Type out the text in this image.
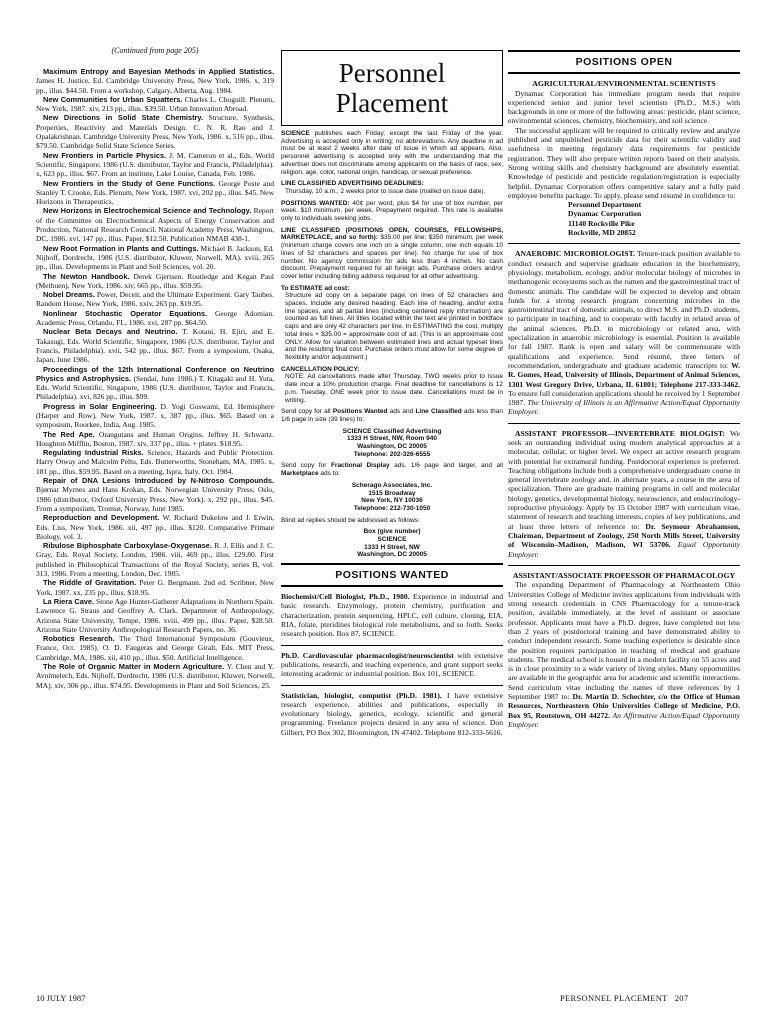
(Continued from page 205)

Maximum Entropy and Bayesian Methods in Applied Statistics. James H. Justice, Ed. Cambridge University Press, New York, 1986. x, 319 pp., illus. $44.50. From a workshop, Calgary, Alberta, Aug. 1984.

New Communities for Urban Squatters. Charles L. Choguill. Plenum, New York, 1987. xiv, 213 pp., illus. $39.50. Urban Innovation Abroad.

New Directions in Solid State Chemistry. Structure, Synthesis, Properties, Reactivity and Materials Design. C. N. R. Rao and J. Opalakrishnan. Cambridge University Press, New York, 1986. x, 516 pp., illus. $79.50. Cambridge Solid State Science Series.

New Frontiers in Particle Physics. J. M. Cameron et al., Eds. World Scientific, Singapore, 1986 (U.S. distributor, Taylor and Francis, Philadelphia). x, 623 pp., illus. $67. From an institute, Lake Louise, Canada, Feb. 1986.

New Frontiers in the Study of Gene Functions. George Poste and Stanley T. Crooke, Eds. Plenum, New York, 1987. xvi, 202 pp., illus. $45. New Horizons in Therapeutics.

New Horizons in Electrochemical Science and Technology. Report of the Committee on Electrochemical Aspects of Energy Conservation and Production, National Research Council. National Academy Press, Washington, DC, 1986. xvi, 147 pp., illus. Paper, $12.50. Publication NMAB 438-1.

New Root Formation in Plants and Cuttings. Michael B. Jackson, Ed. Nijhoff, Dordrecht, 1986 (U.S. distributor, Kluwer, Norwell, MA). xviii, 265 pp., illus. Developments in Plant and Soil Sciences, vol. 20.

The Newton Handbook. Derek Gjertsen. Routledge and Kegan Paul (Methuen), New York, 1986. xiv, 665 pp., illus. $59.95.

Nobel Dreams. Power, Deceit, and the Ultimate Experiment. Gary Taubes. Random House, New York, 1986. xxiv, 263 pp. $19.95.

Nonlinear Stochastic Operator Equations. George Adomian. Academic Press, Orlando, FL, 1986. xvi, 287 pp. $64.50.

Nuclear Beta Decays and Neutrino. T. Kotani, H. Ejiri, and E. Takasugi, Eds. World Scientific, Singapore, 1986 (U.S. distributor, Taylor and Francis, Philadelphia). xvii, 542 pp., illus. $67. From a symposium, Osaka, Japan, June 1986.

Proceedings of the 12th International Conference on Neutrino Physics and Astrophysics. (Sendai, June 1986.) T. Kitagaki and H. Yuta, Eds. World Scientific, Singapore, 1986 (U.S. distributor, Taylor and Francis, Philadelphia). xvi, 826 pp., illus. $99.

Progress in Solar Engineering. D. Yogi Goswami, Ed. Hemisphere (Harper and Row), New York, 1987. x, 387 pp., illus. $65. Based on a symposium, Roorkee, India, Aug. 1985.

The Red Ape. Orangutans and Human Origins. Jeffrey H. Schwartz. Houghton Mifflin, Boston, 1987. xiv, 337 pp., illus. + plates. $18.95.

Regulating Industrial Risks. Science, Hazards and Public Protection. Harry Otway and Malcolm Peltu, Eds. Butterworths, Stoneham, MA, 1985. x, 181 pp., illus. $59.95. Based on a meeting, Ispra, Italy, Oct. 1984.

Repair of DNA Lesions Introduced by N-Nitroso Compounds. Bjørnar Myrnes and Hans Krokan, Eds. Norwegian University Press, Oslo, 1986 (distributor, Oxford University Press, New York). x, 292 pp., illus. $45. From a symposium, Tromsø, Norway, June 1985.

Reproduction and Development. W. Richard Dukelow and J. Erwin, Eds. Liss, New York, 1986. xii, 497 pp., illus. $120. Comparative Primate Biology, vol. 3.

Ribulose Biphosphate Carboxylase-Oxygenase. R. J. Ellis and J. C. Gray, Eds. Royal Society, London, 1986. viii, 469 pp., illus. £29.80. First published in Philosophical Transactions of the Royal Society, series B, vol. 313, 1986. From a meeting, London, Dec. 1985.

The Riddle of Gravitation. Peter G. Bergmann. 2nd ed. Scribner, New York, 1987. xx, 235 pp., illus. $18.95.

La Riera Cave. Stone Age Hunter-Gatherer Adaptations in Northern Spain. Lawrence G. Straus and Geoffrey A. Clark. Department of Anthropology, Arizona State University, Tempe, 1986. xviii, 499 pp., illus. Paper, $28.50. Arizona State University Anthropological Research Papers, no. 36.

Robotics Research. The Third International Symposium (Gouvieux, France, Oct. 1985). O. D. Faugeras and George Giralt, Eds. MIT Press, Cambridge, MA, 1986. xii, 410 pp., illus. $50. Artificial Intelligence.

The Role of Organic Matter in Modern Agriculture. Y. Chen and Y. Avnimelech, Eds. Nijhoff, Dordrecht, 1986 (U.S. distributor, Kluwer, Norwell, MA). xiv, 306 pp., illus. $74.95. Developments in Plant and Soil Sciences, 25.

Personnel
Placement

SCIENCE publishes each Friday, except the last Friday of the year. Advertising is accepted only in writing; no abbreviations. Any deadline in ad must be at least 2 weeks after date of issue in which ad appears. Also, personnel advertising is accepted only with the understanding that the advertiser does not discriminate among applicants on the basis of race, sex, religion, age, color, national origin, handicap, or sexual preference.

LINE CLASSIFIED ADVERTISING DEADLINES:
Thursday, 10 a.m., 2 weeks prior to issue date (mailed on issue date).

POSITIONS WANTED: 40¢ per word, plus $4 for use of box number, per week. $10 minimum, per week. Prepayment required. This rate is available only to individuals seeking jobs.

LINE CLASSIFIED (POSITIONS OPEN, COURSES, FELLOWSHIPS, MARKETPLACE, and so forth): $35.00 per line; $350 minimum, per week (minimum charge covers one inch on a single column; one inch equals 10 lines of 52 characters and spaces per line). No charge for use of box number. No agency commission for ads less than 4 inches. No cash discount. Prepayment required for all foreign ads. Purchase orders and/or cover letter including billing address required for all other advertising.

To ESTIMATE ad cost:
Structure ad copy on a separate page, on lines of 52 characters and spaces. Include any desired heading. Each line of heading, and/or extra line spaces, and all partial lines (including centered reply information) are counted as full lines. All titles located within the text are printed in boldface caps and are only 42 characters per line. In ESTIMATING the cost, multiply total lines × $35.00 = approximate cost of ad. (This is an approximate cost ONLY. Allow for variation between estimated lines and actual typeset lines and the resulting final cost. Purchase orders must allow for some degree of flexibility and/or adjustment.)

CANCELLATION POLICY:
NOTE: Ad cancellations made after Thursday, TWO weeks prior to issue date incur a 10% production charge. Final deadline for cancellations is 12 p.m. Tuesday, ONE week prior to issue date. Cancellations must be in writing.

Send copy for all Positions Wanted ads and Line Classified ads less than 1/6 page in size (39 lines) to:

SCIENCE Classified Advertising
1333 H Street, NW, Room 940
Washington, DC 20005
Telephone: 202-326-6555

Send copy for Fractional Display ads, 1/6 page and larger, and all Marketplace ads to:

Scherago Associates, Inc.
1515 Broadway
New York, NY 10036
Telephone: 212-730-1050

Blind ad replies should be addressed as follows:

Box (give number)
SCIENCE
1333 H Street, NW
Washington, DC 20005
POSITIONS WANTED
Biochemist/Cell Biologist, Ph.D., 1980. Experience in industrial and basic research. Enzymology, protein chemistry, purification and characterization, protein sequencing, HPLC, cell culture, cloning, EIA, RIA, folate, pteridines biological role metabolisms, and so forth. Seeks research position. Box 87, SCIENCE.
Ph.D. Cardiovascular pharmacologist/neuroscientist with extensive publications, research, and teaching experience, and grant support seeks interesting academic or industrial position. Box 101, SCIENCE.
Statistician, biologist, computist (Ph.D. 1981). I have extensive research experience, abilities and publications, especially in evolutionary biology, genetics, ecology, scientific and general programming. Freelance projects desired in any area of science. Don Gilbert, PO Box 302, Bloomington, IN 47402. Telephone 812-333-5616.
POSITIONS OPEN

AGRICULTURAL/ENVIRONMENTAL SCIENTISTS

Dynamac Corporation has immediate program needs that require experienced senior and junior level scientists (Ph.D., M.S.) with backgrounds in one or more of the following areas: pesticide, plant science, environmental sciences, chemistry, biochemistry, and soil science.

The successful applicant will be required to critically review and analyze published and unpublished pesticide data for their scientific validity and usefulness in meeting regulatory data requirements for pesticide registration. They will also prepare written reports based on their analysis. Strong writing skills and chemistry background are absolutely essential. Knowledge of pesticide and pesticide regulation/registration is especially helpful. Dynamac Corporation offers competitive salary and a fully paid employee benefits package. To apply, please send résumé in confidence to:

Personnel Department
Dynamac Corporation
11140 Rockville Pike
Rockville, MD 20852

ANAEROBIC MICROBIOLOGIST. Tenure-track position available to conduct research and supervise graduate education in the biochemistry, physiology, metabolism, ecology, and/or molecular biology of microbes in methanogenic ecosystems such as the rumen and the gastrointestinal tract of domestic animals. The candidate will be expected to develop and obtain funds for a strong research program concerning microbes in the gastrointestinal tract of domestic animals, to direct M.S. and Ph.D. students, to participate in teaching, and to cooperate with faculty in related areas of the animal sciences. Ph.D. in microbiology or related area, with specialization in anaerobic microbiology is essential. Position is available for fall 1987. Rank is open and salary will be commensurate with qualifications and experience. Send résumé, three letters of recommendation, undergraduate and graduate academic transcripts to: W. R. Gomes, Head, University of Illinois, Department of Animal Sciences, 1301 West Gregory Drive, Urbana, IL 61801; Telephone 217-333-3462. To ensure full consideration applications should be received by 1 September 1987. The University of Illinois is an Affirmative Action/Equal Opportunity Employer.

ASSISTANT PROFESSOR—INVERTEBRATE BIOLOGIST: We seek an outstanding individual using modern analytical approaches at a molecular, cellular, or higher level. We expect an active research program with potential for extramural funding. Postdoctoral experience is preferred. Teaching obligations include both a comprehensive undergraduate course in general invertebrate zoology and, in alternate years, a course in the area of specialization. There are graduate training programs in cell and molecular biology, genetics, developmental biology, neuroscience, and endocrinology-reproductive physiology. Apply by 15 October 1987 with curriculum vitae, statement of research and teaching interests, copies of key publications, and at least three letters of reference to: Dr. Seymour Abrahamson, Chairman, Department of Zoology, 250 North Mills Street, University of Wisconsin–Madison, Madison, WI 53706. Equal Opportunity Employer.

ASSISTANT/ASSOCIATE PROFESSOR OF PHARMACOLOGY

The expanding Department of Pharmacology at Northeastern Ohio Universities College of Medicine invites applications from individuals with strong research credentials in CNS Pharmacology for a tenure-track position, available immediately, at the level of assistant or associate professor. Applicants must have a Ph.D. degree, have completed not less than 2 years of postdoctoral training and have demonstrated ability to conduct independent research. Some teaching experience is desirable since the position requires participation in teaching of medical and graduate students. The medical school is housed in a modern facility on 55 acres and is in close proximity to a wide variety of living styles. Many opportunities are available in the geographic area for academic and scientific interactions. Send curriculum vitae including the names of three references by 1 September 1987 to: Dr. Martin D. Schechter, c/o the Office of Human Resources, Northeastern Ohio Universities College of Medicine, P.O. Box 95, Rootstown, OH 44272. An Affirmative Action/Equal Opportunity Employer.

10 JULY 1987	PERSONNEL PLACEMENT   207
